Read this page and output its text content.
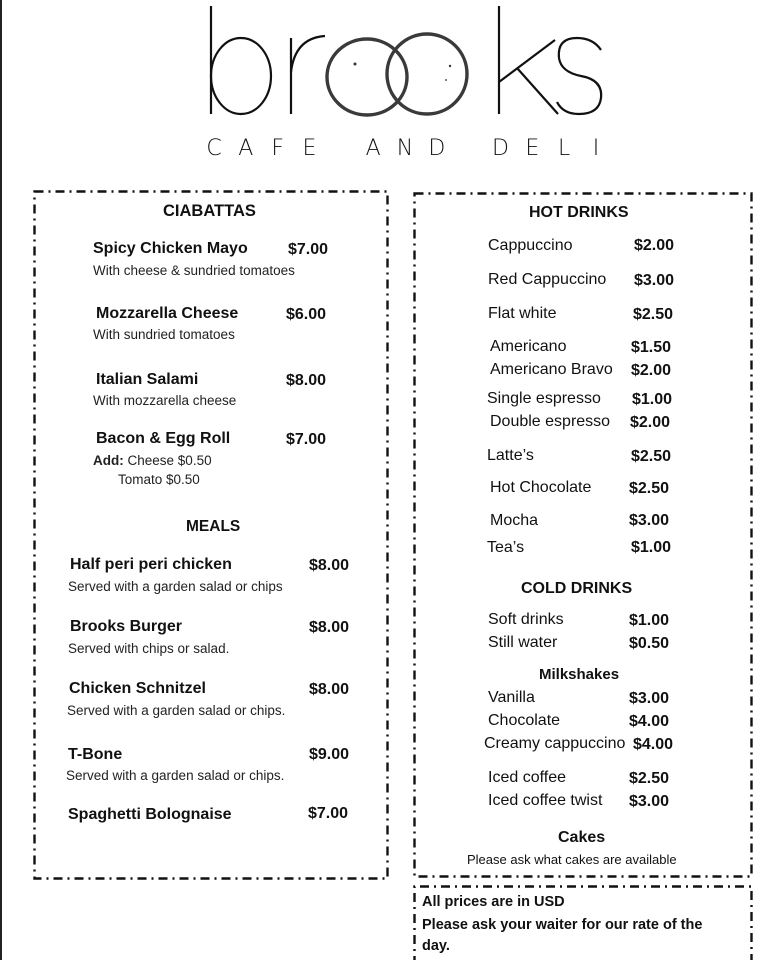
C A F E A N D D E L I
CIABATTAS
Spicy Chicken Mayo	$7.00
With cheese & sundried tomatoes
Mozzarella Cheese	$6.00
With sundried tomatoes
Italian Salami	$8.00
With mozzarella cheese
Bacon & Egg Roll	$7.00
Add: Cheese $0.50
Tomato $0.50
MEALS
Half peri peri chicken	$8.00
Served with a garden salad or chips
Brooks Burger	$8.00
Served with chips or salad.
Chicken Schnitzel	$8.00
Served with a garden salad or chips.
T-Bone	$9.00
Served with a garden salad or chips.
Spaghetti Bolognaise	$7.00
HOT DRINKS
Cappuccino	$2.00
Red Cappuccino $3.00
Flat white	$2.50
Americano	$1.50
Americano Bravo $2.00
Single espresso $1.00
Double espresso $2.00
Latte’s	$2.50
Hot Chocolate $2.50
Mocha	$3.00
Tea’s	$1.00
COLD DRINKS
Soft drinks	$1.00
Still water	$0.50
Milkshakes
Vanilla	$3.00
Chocolate	$4.00
Creamy cappuccino $4.00
Iced coffee	$2.50
Iced coffee twist $3.00
Cakes
Please ask what cakes are available
All prices are in USD
Please ask your waiter for our rate of the
day.
